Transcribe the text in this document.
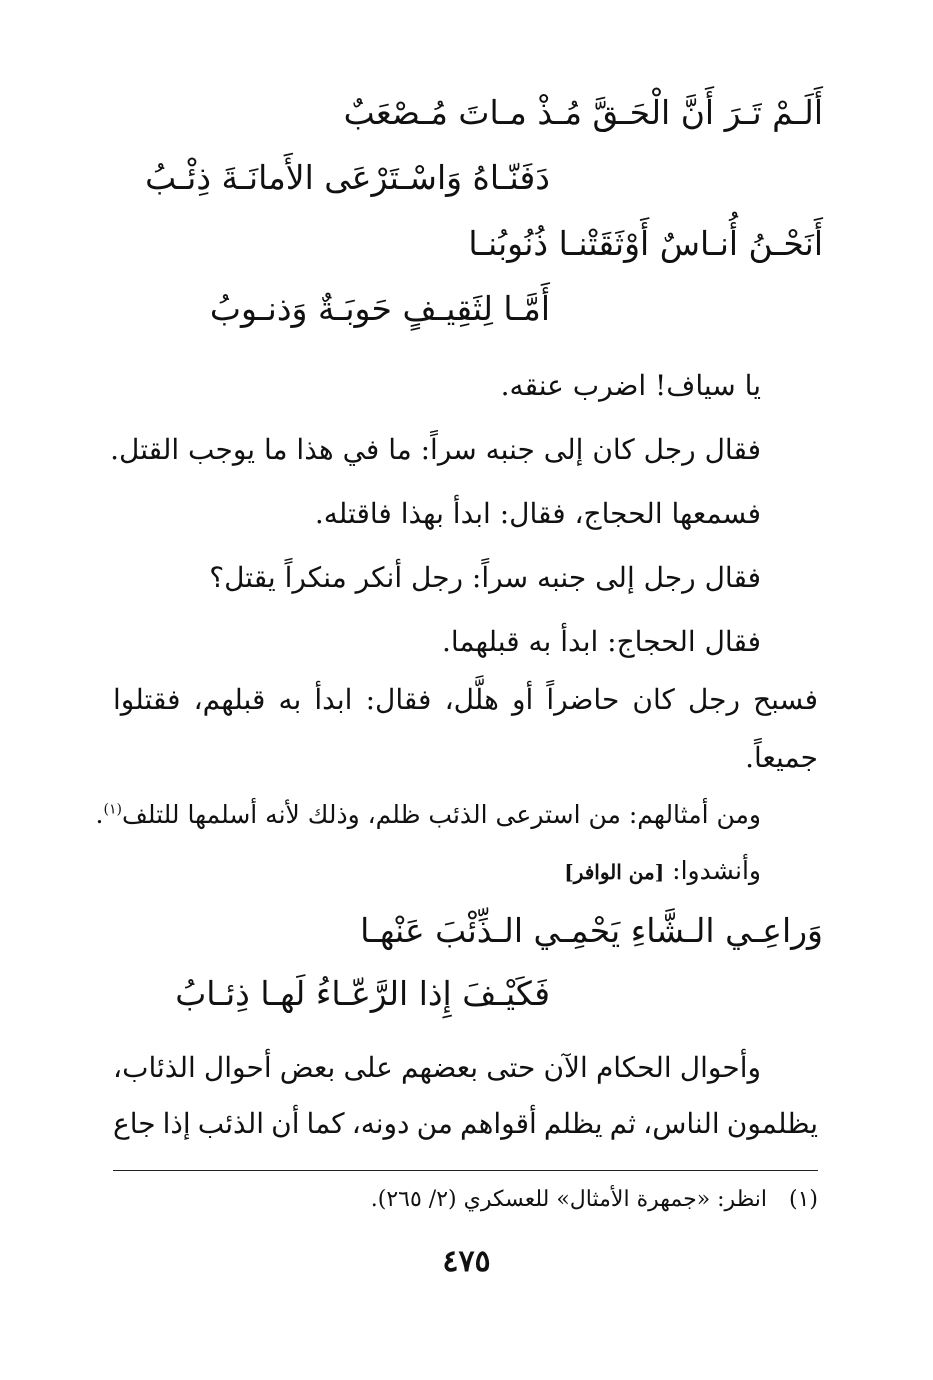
أَلَـمْ تَـرَ أَنَّ الْحَـقَّ مُـذْ مـاتَ مُـصْعَبٌ

دَفَنّـاهُ وَاسْـتَرْعَى الأَمانَـةَ ذِئْـبُ

أَنَحْـنُ أُنـاسٌ أَوْثَقَتْنـا ذُنُوبُنـا

أَمَّـا لِثَقِيـفٍ حَوبَـةٌ وَذنـوبُ

يا سياف! اضرب عنقه.

فقال رجل كان إلى جنبه سراً: ما في هذا ما يوجب القتل.

فسمعها الحجاج، فقال: ابدأ بهذا فاقتله.

فقال رجل إلى جنبه سراً: رجل أنكر منكراً يقتل؟

فقال الحجاج: ابدأ به قبلهما.

فسبح
رجل
كان
حاضراً
أو
هلَّل،
فقال:
ابدأ
به
قبلهم،
فقتلوا

جميعاً.

ومن أمثالهم: من استرعى الذئب ظلم، وذلك لأنه أسلمها للتلف$^{(١)}$.

وأنشدوا: [من الوافر]

وَراعِـي الـشَّاءِ يَحْمِـي الـذِّئْبَ عَنْهـا

فَكَيْـفَ إِذا الرَّعّـاءُ لَهـا ذِئـابُ

وأحوال
الحكام
الآن
حتى
بعضهم
على
بعض
أحوال
الذئاب،
يظلمون
الناس،
ثم
يظلم
أقواهم
من
دونه،
كما
أن
الذئب
إذا
جاع

(١)انظر: «جمهرة الأمثال» للعسكري (٢/ ٢٦٥).

٤٧٥
